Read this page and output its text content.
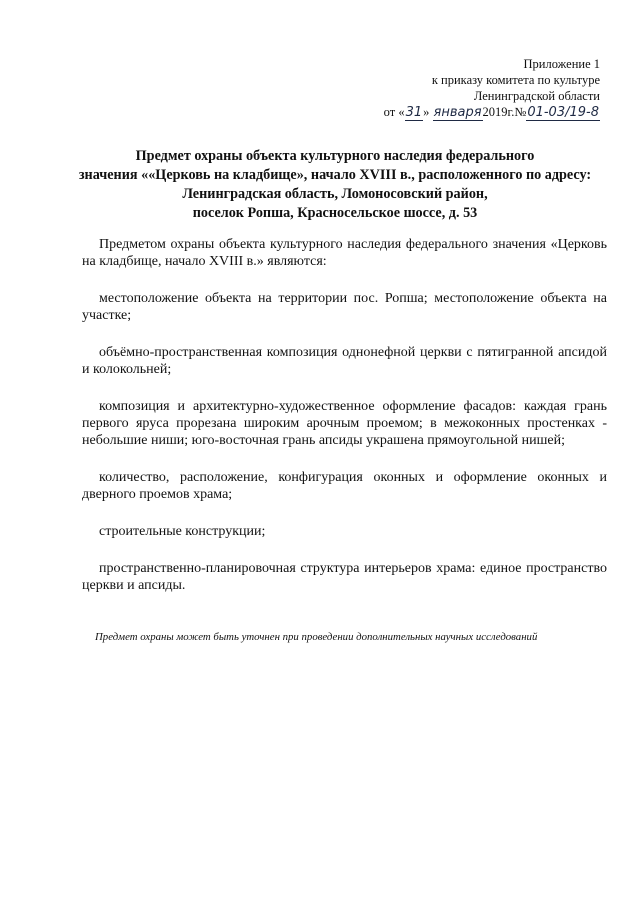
Приложение 1
к приказу комитета по культуре
Ленинградской области
от «31» января2019г.№01-03/19-8
Предмет охраны объекта культурного наследия федерального
значения ««Церковь на кладбище», начало XVIII в., расположенного по адресу:
Ленинградская область, Ломоносовский район,
поселок Ропша, Красносельское шоссе, д. 53

Предметом охраны объекта культурного наследия федерального значения «Церковь на кладбище, начало XVIII в.» являются:

местоположение объекта на территории пос. Ропша; местоположение объекта на участке;

объёмно-пространственная композиция однонефной церкви с пятигранной апсидой и колокольней;

композиция и архитектурно-художественное оформление фасадов: каждая грань первого яруса прорезана широким арочным проемом; в межоконных простенках - небольшие ниши; юго-восточная грань апсиды украшена прямоугольной нишей;

количество, расположение, конфигурация оконных и оформление оконных и дверного проемов храма;

строительные конструкции;

пространственно-планировочная структура интерьеров храма: единое пространство церкви и апсиды.

Предмет охраны может быть уточнен при проведении дополнительных научных исследований
